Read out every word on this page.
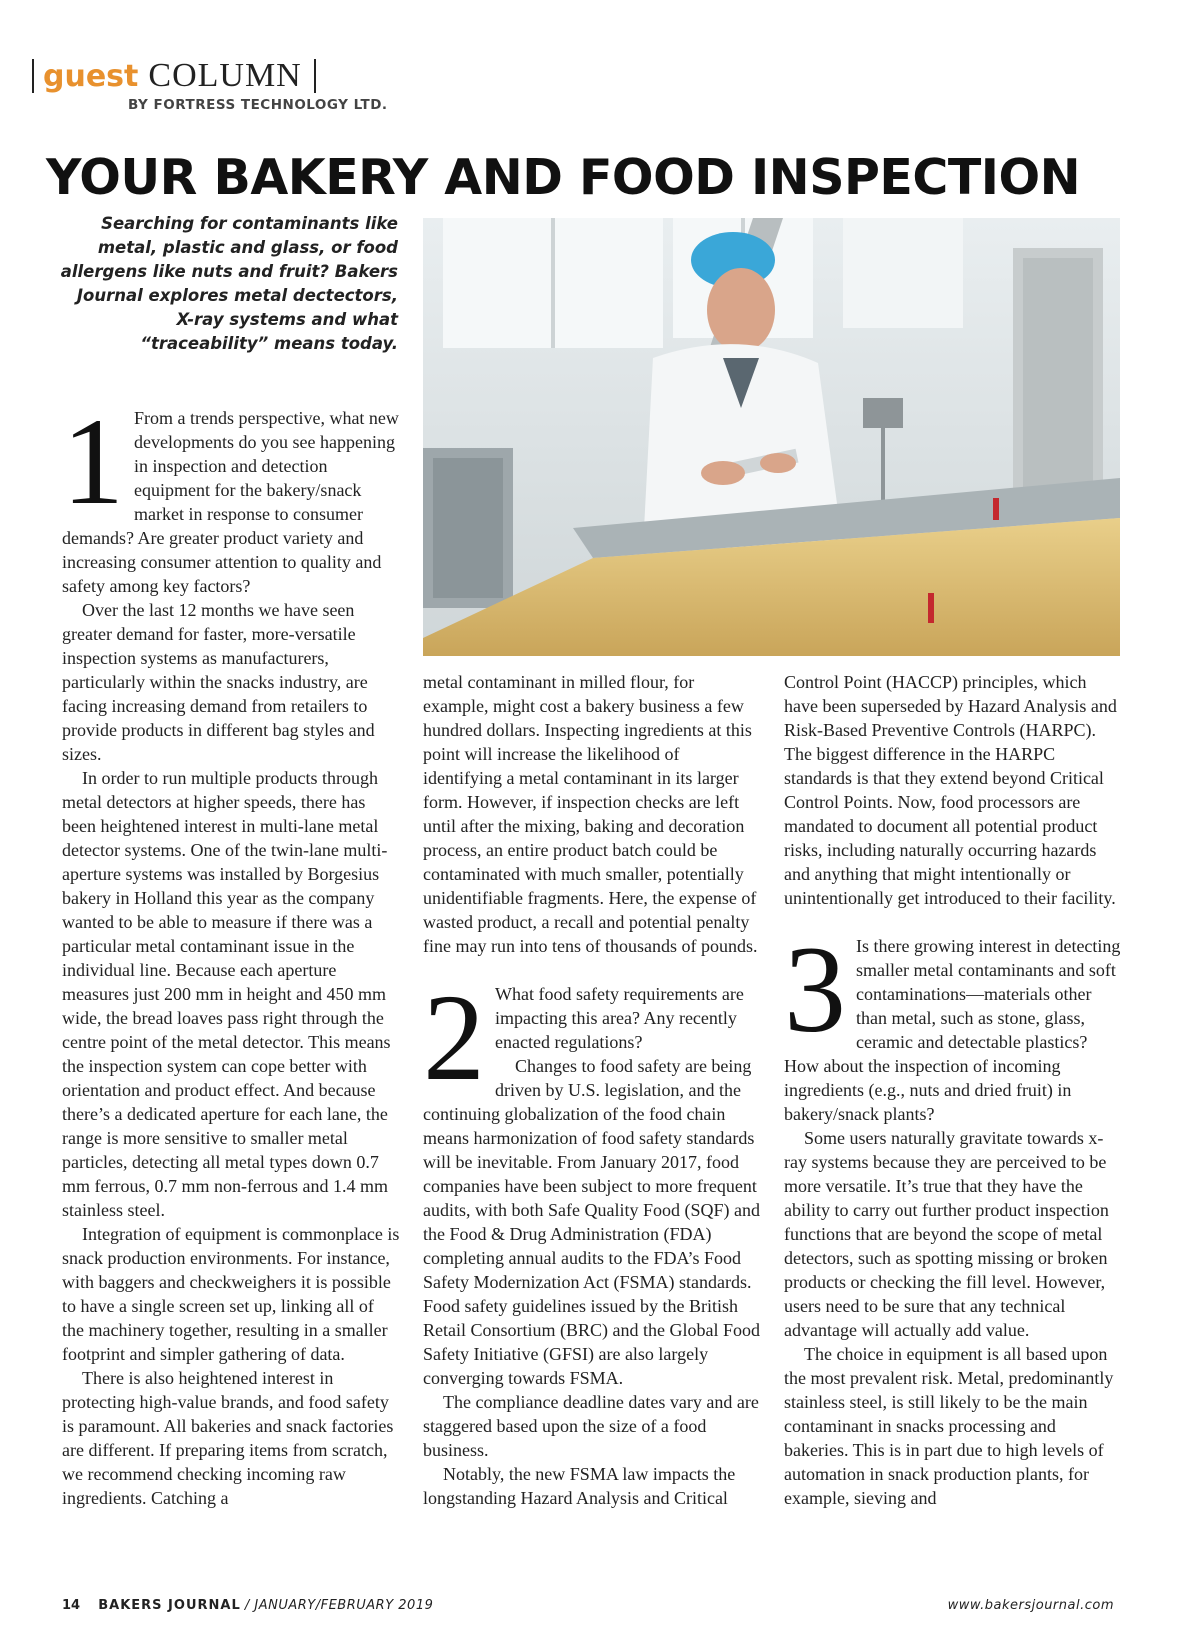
guest COLUMN
BY FORTRESS TECHNOLOGY LTD.
YOUR BAKERY AND FOOD INSPECTION
Searching for contaminants like metal, plastic and glass, or food allergens like nuts and fruit? Bakers Journal explores metal dectectors, X-ray systems and what “traceability” means today.
1 From a trends perspective, what new developments do you see happening in inspection and detection equipment for the bakery/snack market in response to consumer demands? Are greater product variety and increasing consumer attention to quality and safety among key factors?

Over the last 12 months we have seen greater demand for faster, more-versatile inspection systems as manufacturers, particularly within the snacks industry, are facing increasing demand from retailers to provide products in different bag styles and sizes.

In order to run multiple products through metal detectors at higher speeds, there has been heightened interest in multi-lane metal detector systems. One of the twin-lane multi-aperture systems was installed by Borgesius bakery in Holland this year as the company wanted to be able to measure if there was a particular metal contaminant issue in the individual line. Because each aperture measures just 200 mm in height and 450 mm wide, the bread loaves pass right through the centre point of the metal detector. This means the inspection system can cope better with orientation and product effect. And because there’s a dedicated aperture for each lane, the range is more sensitive to smaller metal particles, detecting all metal types down 0.7 mm ferrous, 0.7 mm non-ferrous and 1.4 mm stainless steel.

Integration of equipment is commonplace is snack production environments. For instance, with baggers and checkweighers it is possible to have a single screen set up, linking all of the machinery together, resulting in a smaller footprint and simpler gathering of data.

There is also heightened interest in protecting high-value brands, and food safety is paramount. All bakeries and snack factories are different. If preparing items from scratch, we recommend checking incoming raw ingredients. Catching a

metal contaminant in milled flour, for example, might cost a bakery business a few hundred dollars. Inspecting ingredients at this point will increase the likelihood of identifying a metal contaminant in its larger form. However, if inspection checks are left until after the mixing, baking and decoration process, an entire product batch could be contaminated with much smaller, potentially unidentifiable fragments. Here, the expense of wasted product, a recall and potential penalty fine may run into tens of thousands of pounds.

2 What food safety requirements are impacting this area? Any recently enacted regulations?

Changes to food safety are being driven by U.S. legislation, and the continuing globalization of the food chain means harmonization of food safety standards will be inevitable. From January 2017, food companies have been subject to more frequent audits, with both Safe Quality Food (SQF) and the Food & Drug Administration (FDA) completing annual audits to the FDA’s Food Safety Modernization Act (FSMA) standards. Food safety guidelines issued by the British Retail Consortium (BRC) and the Global Food Safety Initiative (GFSI) are also largely converging towards FSMA.

The compliance deadline dates vary and are staggered based upon the size of a food business.

Notably, the new FSMA law impacts the longstanding Hazard Analysis and Critical

Control Point (HACCP) principles, which have been superseded by Hazard Analysis and Risk-Based Preventive Controls (HARPC). The biggest difference in the HARPC standards is that they extend beyond Critical Control Points. Now, food processors are mandated to document all potential product risks, including naturally occurring hazards and anything that might intentionally or unintentionally get introduced to their facility.

3 Is there growing interest in detecting smaller metal contaminants and soft contaminations—materials other than metal, such as stone, glass, ceramic and detectable plastics? How about the inspection of incoming ingredients (e.g., nuts and dried fruit) in bakery/snack plants?

Some users naturally gravitate towards x-ray systems because they are perceived to be more versatile. It’s true that they have the ability to carry out further product inspection functions that are beyond the scope of metal detectors, such as spotting missing or broken products or checking the fill level. However, users need to be sure that any technical advantage will actually add value.

The choice in equipment is all based upon the most prevalent risk. Metal, predominantly stainless steel, is still likely to be the main contaminant in snacks processing and bakeries. This is in part due to high levels of automation in snack production plants, for example, sieving and

14 BAKERS JOURNAL / JANUARY/FEBRUARY 2019	www.bakersjournal.com
